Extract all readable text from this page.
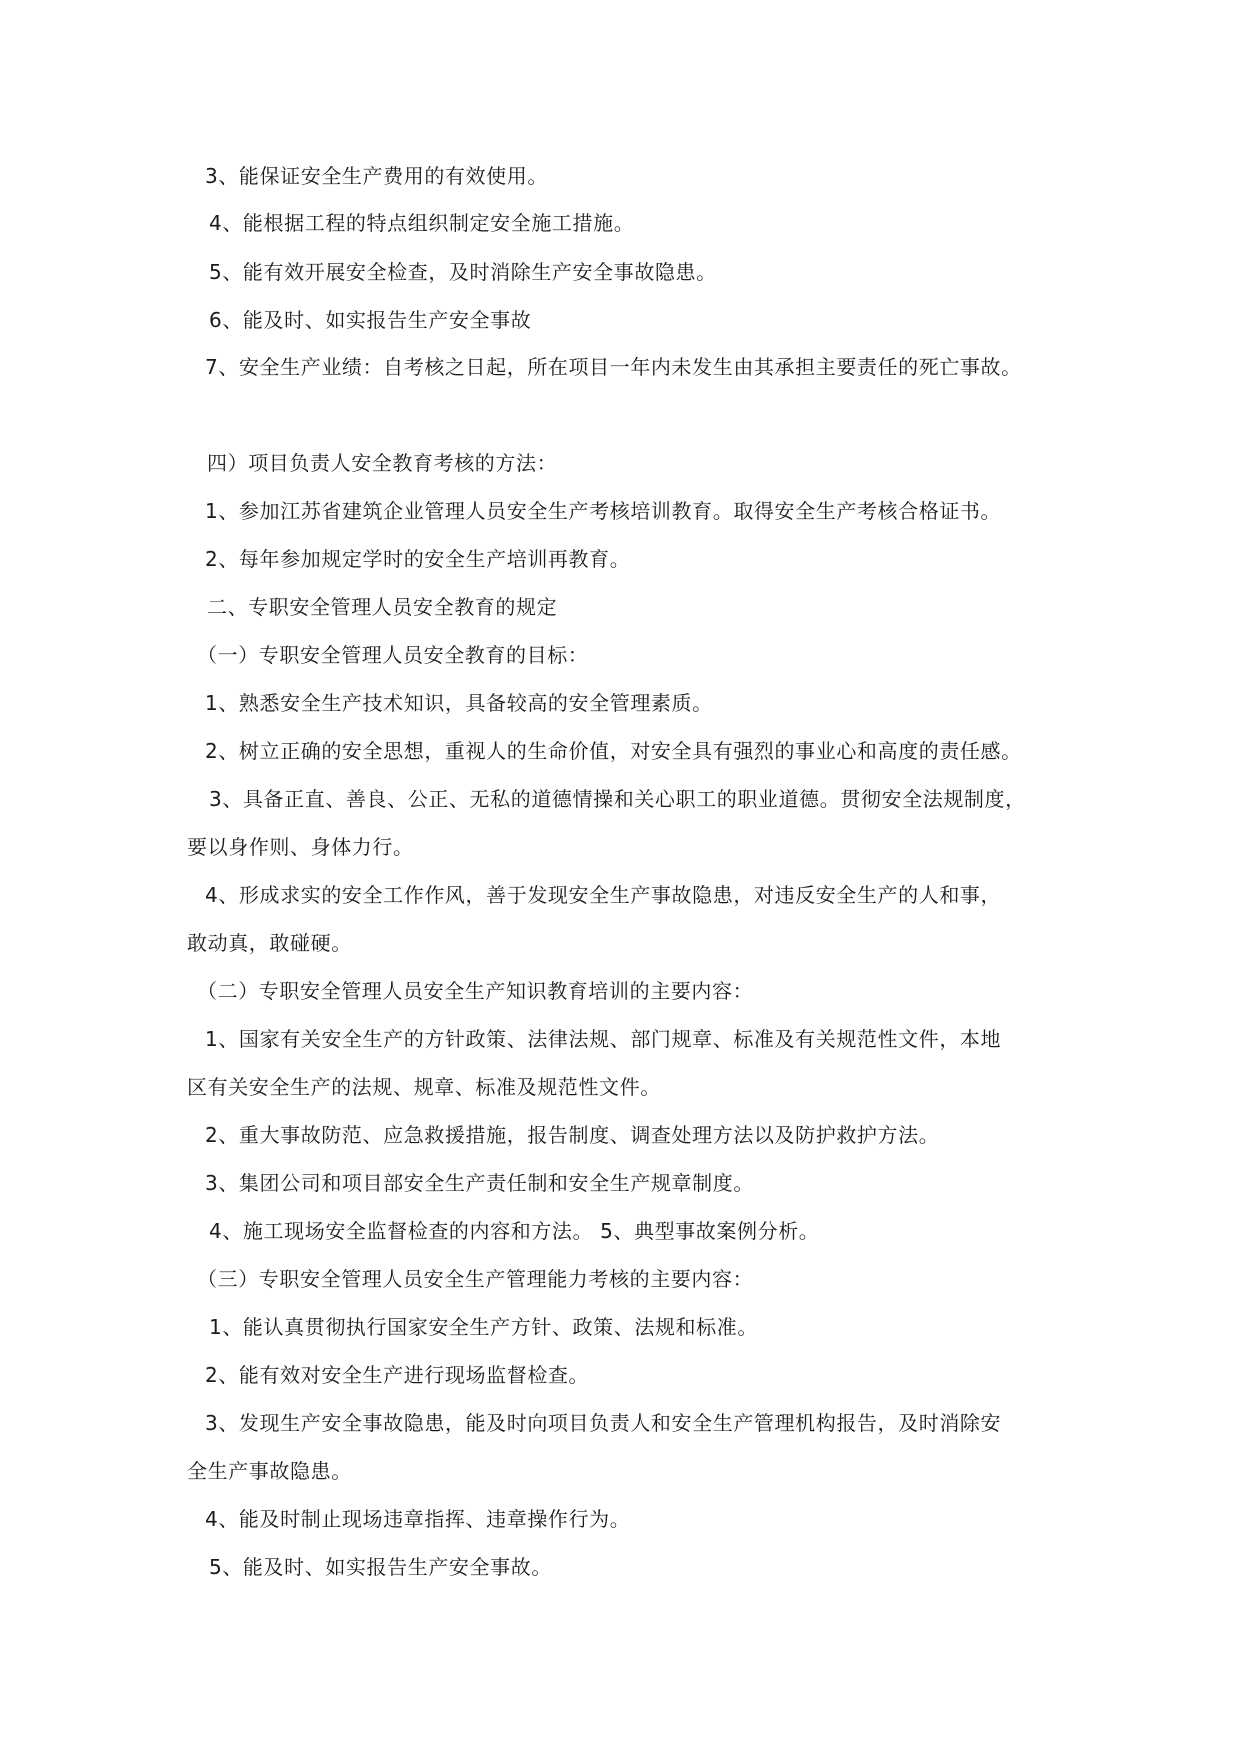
3、能保证安全生产费用的有效使用。
4、能根据工程的特点组织制定安全施工措施。
5、能有效开展安全检查，及时消除生产安全事故隐患。
6、能及时、如实报告生产安全事故
7、安全生产业绩：自考核之日起，所在项目一年内未发生由其承担主要责任的死亡事故。
四）项目负责人安全教育考核的方法：
1、参加江苏省建筑企业管理人员安全生产考核培训教育。取得安全生产考核合格证书。
2、每年参加规定学时的安全生产培训再教育。
二、专职安全管理人员安全教育的规定
（一）专职安全管理人员安全教育的目标：
1、熟悉安全生产技术知识，具备较高的安全管理素质。
2、树立正确的安全思想，重视人的生命价值，对安全具有强烈的事业心和高度的责任感。
3、具备正直、善良、公正、无私的道德情操和关心职工的职业道德。贯彻安全法规制度，
要以身作则、身体力行。
4、形成求实的安全工作作风，善于发现安全生产事故隐患，对违反安全生产的人和事，
敢动真，敢碰硬。
（二）专职安全管理人员安全生产知识教育培训的主要内容：
1、国家有关安全生产的方针政策、法律法规、部门规章、标准及有关规范性文件，本地
区有关安全生产的法规、规章、标准及规范性文件。
2、重大事故防范、应急救援措施，报告制度、调查处理方法以及防护救护方法。
3、集团公司和项目部安全生产责任制和安全生产规章制度。
4、施工现场安全监督检查的内容和方法。 5、典型事故案例分析。
（三）专职安全管理人员安全生产管理能力考核的主要内容：
1、能认真贯彻执行国家安全生产方针、政策、法规和标准。
2、能有效对安全生产进行现场监督检查。
3、发现生产安全事故隐患，能及时向项目负责人和安全生产管理机构报告，及时消除安
全生产事故隐患。
4、能及时制止现场违章指挥、违章操作行为。
5、能及时、如实报告生产安全事故。
